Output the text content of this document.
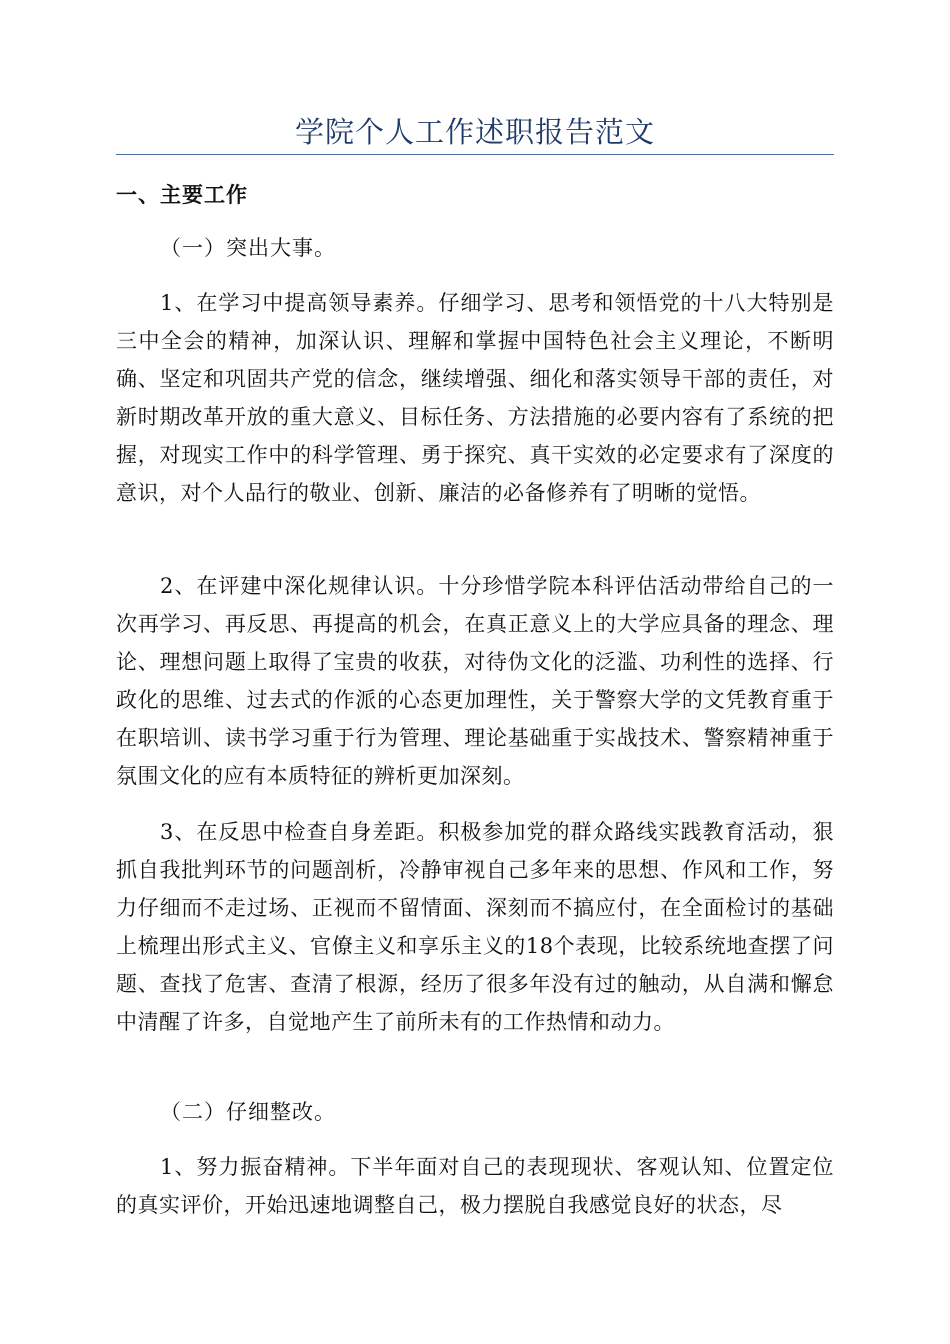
学院个人工作述职报告范文
一、主要工作
（一）突出大事。
1、在学习中提高领导素养。仔细学习、思考和领悟党的十八大特别是三中全会的精神，加深认识、理解和掌握中国特色社会主义理论，不断明确、坚定和巩固共产党的信念，继续增强、细化和落实领导干部的责任，对新时期改革开放的重大意义、目标任务、方法措施的必要内容有了系统的把握，对现实工作中的科学管理、勇于探究、真干实效的必定要求有了深度的意识，对个人品行的敬业、创新、廉洁的必备修养有了明晰的觉悟。
2、在评建中深化规律认识。十分珍惜学院本科评估活动带给自己的一次再学习、再反思、再提高的机会，在真正意义上的大学应具备的理念、理论、理想问题上取得了宝贵的收获，对待伪文化的泛滥、功利性的选择、行政化的思维、过去式的作派的心态更加理性，关于警察大学的文凭教育重于在职培训、读书学习重于行为管理、理论基础重于实战技术、警察精神重于氛围文化的应有本质特征的辨析更加深刻。
3、在反思中检查自身差距。积极参加党的群众路线实践教育活动，狠抓自我批判环节的问题剖析，冷静审视自己多年来的思想、作风和工作，努力仔细而不走过场、正视而不留情面、深刻而不搞应付，在全面检讨的基础上梳理出形式主义、官僚主义和享乐主义的18个表现，比较系统地查摆了问题、查找了危害、查清了根源，经历了很多年没有过的触动，从自满和懈怠中清醒了许多，自觉地产生了前所未有的工作热情和动力。
（二）仔细整改。
1、努力振奋精神。下半年面对自己的表现现状、客观认知、位置定位的真实评价，开始迅速地调整自己，极力摆脱自我感觉良好的状态，尽
